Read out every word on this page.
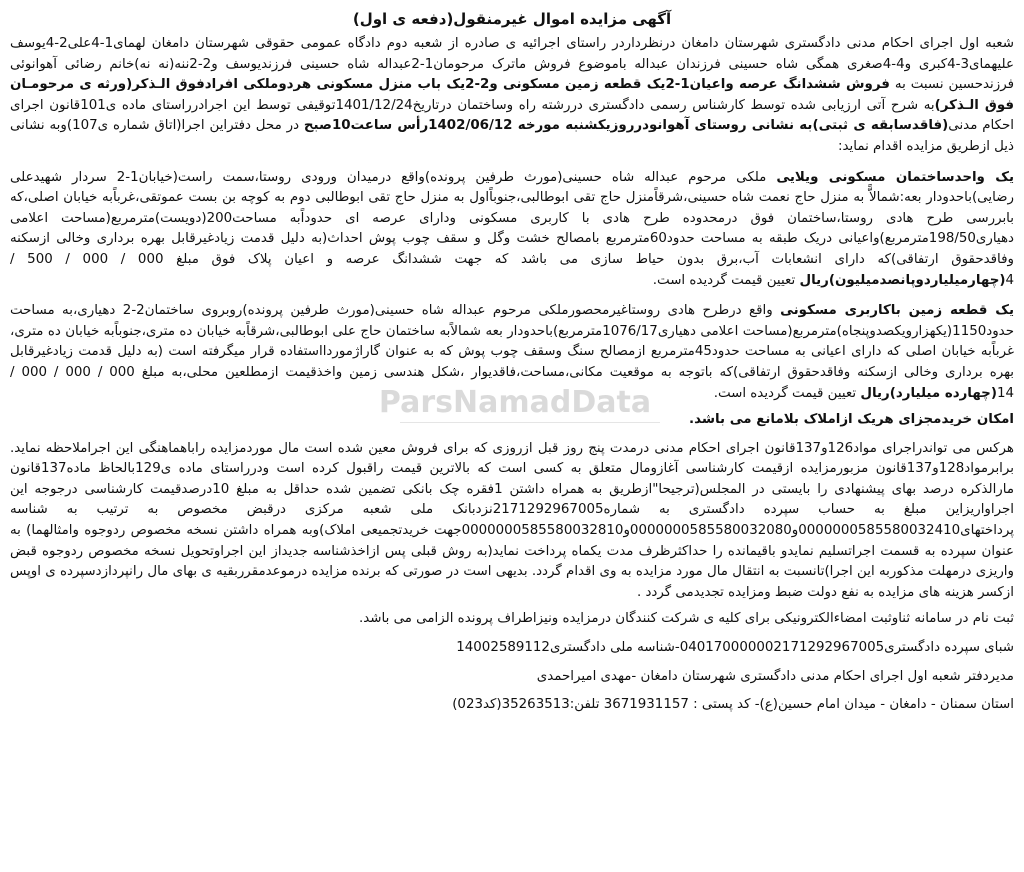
آگهی مزایده اموال غیرمنقول(دفعه ی اول)

شعبه اول اجرای احکام مدنی دادگستری شهرستان دامغان درنظرداردر راستای اجرائیه ی صادره از شعبه دوم دادگاه عمومی حقوقی شهرستان دامغان لهمای1-4علی2-4یوسف علیهمای3-4کبری و4-4صغری همگی شاه حسینی فرزندان عبداله باموضوع فروش ماترک مرحومان1-2عبداله شاه حسینی فرزندیوسف و2-2ننه(نه نه)خانم رضائی آهوانوئی فرزندحسین نسبت به فروش ششدانگ عرصه واعیان1-2یک قطعه زمین مسکونی و2-2یک باب منزل مسکونی هردوملکی افرادفوق الـذکر(ورثه ی مرحومـان فوق الـذکر)به شرح آتی ارزیابی شده توسط کارشناس رسمی دادگستری دررشته راه وساختمان درتاریخ1401/12/24توقیفی توسط این اجرادرراستای ماده ی101قانون اجرای احکام مدنی(فاقدسابقه ی ثبتی)به نشانی روستای آهوانودرروزیکشنبه مورخه 1402/06/12رأس ساعت10صبح در محل دفتراین اجرا(اتاق شماره ی107)وبه نشانی ذیل ازطریق مزایده اقدام نماید:

یک واحدساختمان مسکونی ویلایی ملکی مرحوم عبداله شاه حسینی(مورث طرفین پرونده)واقع درمیدان ورودی روستا،سمت راست(خیابان1-2 سردار شهیدعلی رضایی)باحدودار بعه:شمالاًّ به منزل حاج نعمت شاه حسینی،شرقاًمنزل حاج تقی ابوطالبی،جنوباًاول به منزل حاج تقی ابوطالبی دوم به کوچه بن بست عموتقی،غرباًبه خیابان اصلی،که بابررسی طرح هادی روستا،ساختمان فوق درمحدوده طرح هادی با کاربری مسکونی ودارای عرصه ای حدوداًبه مساحت200(دویست)مترمربع(مساحت اعلامی دهیاری198/50مترمربع)واعیانی دریک طبقه به مساحت حدود60مترمربع بامصالح خشت وگل و سقف چوب پوش احداث(به دلیل قدمت زیادغیرقابل بهره برداری وخالی ازسکنه وفاقدحقوق ارتفاقی)که دارای انشعابات آب،برق بدون حیاط سازی می باشد که جهت ششدانگ عرصه و اعیان پلاک فوق مبلغ 000 / 000 / 500 / 4(چهارمیلیاردوپانصدمیلیون)ریال تعیین قیمت گردیده است.

یک قطعه زمین باکاربری مسکونی واقع درطرح هادی روستاغیرمحصورملکی مرحوم عبداله شاه حسینی(مورث طرفین پرونده)روبروی ساختمان2-2 دهیاری،به مساحت حدود1150(یکهزارویکصدوپنجاه)مترمربع(مساحت اعلامی دهیاری1076/17مترمربع)باحدودار بعه شمالاًبه ساختمان حاج علی ابوطالبی،شرقاًبه خیابان ده متری،جنوباًبه خیابان ده متری، غرباًبه خیابان اصلی که دارای اعیانی به مساحت حدود45مترمربع ازمصالح سنگ وسقف چوب پوش که به عنوان گاراژموردااستفاده قرار میگرفته است (به دلیل قدمت زیادغیرقابل بهره برداری وخالی ازسکنه وفاقدحقوق ارتفاقی)که باتوجه به موقعیت مکانی،مساحت،فاقدیوار ،شکل هندسی زمین واخذقیمت ازمطلعین محلی،به مبلغ 000 / 000 / 000 / 14(چهارده میلیارد)ریال تعیین قیمت گردیده است.

امکان خریدمجزای هریک ازاملاک بلامانع می باشد.

هرکس می تواندراجرای مواد126و137قانون اجرای احکام مدنی درمدت پنج روز قبل ازروزی که برای فروش معین شده است مال موردمزایده راباهماهنگی این اجراملاحظه نماید. برابرمواد128و137قانون مزبورمزایده ازقیمت کارشناسی آغازومال متعلق به کسی است که بالاترین قیمت راقبول کرده است ودرراستای ماده ی129بالحاظ ماده137قانون مارالذکره درصد بهای پیشنهادی را بایستی در المجلس(ترجیحا"ازطریق به همراه داشتن 1فقره چک بانکی تضمین شده حداقل به مبلغ 10درصدقیمت کارشناسی درجوجه این اجراواریزاین مبلغ به حساب سپرده دادگستری به شماره2171292967005نزدبانک ملی شعبه مرکزی درقبض مخصوص به ترتیب به شناسه پرداختهای0000000585580032410و0000000585580032080و0000000585580032810جهت خریدتجمیعی املاک)وبه همراه داشتن نسخه مخصوص ردوجوه وامثالهما) به عنوان سپرده به قسمت اجراتسلیم نمایدو باقیمانده را حداکثرظرف مدت یکماه پرداخت نماید(به روش قبلی پس ازاخذشناسه جدیداز این اجراوتحویل نسخه مخصوص ردوجوه قبض واریزی درمهلت مذکوربه این اجرا)تانسبت به انتقال مال مورد مزایده به وی اقدام گردد. بدیهی است در صورتی که برنده مزایده درموعدمقرربقیه ی بهای مال رانپردازدسپرده ی اوپس ازکسر هزینه های مزایده به نفع دولت ضبط ومزایده تجدیدمی گردد .

ثبت نام در سامانه ثناوثبت امضاءالکترونیکی برای کلیه ی شرکت کنندگان درمزایده ونیزاطراف پرونده الزامی می باشد.

شبای سپرده دادگستری040170000002171292967005-شناسه ملی دادگستری14002589112

مدیردفتر شعبه اول اجرای احکام مدنی دادگستری شهرستان دامغان -مهدی امیراحمدی

استان سمنان - دامغان - میدان امام حسین(ع)- کد پستی : 3671931157 تلفن:35263513(کد023)

ParsNamadData
